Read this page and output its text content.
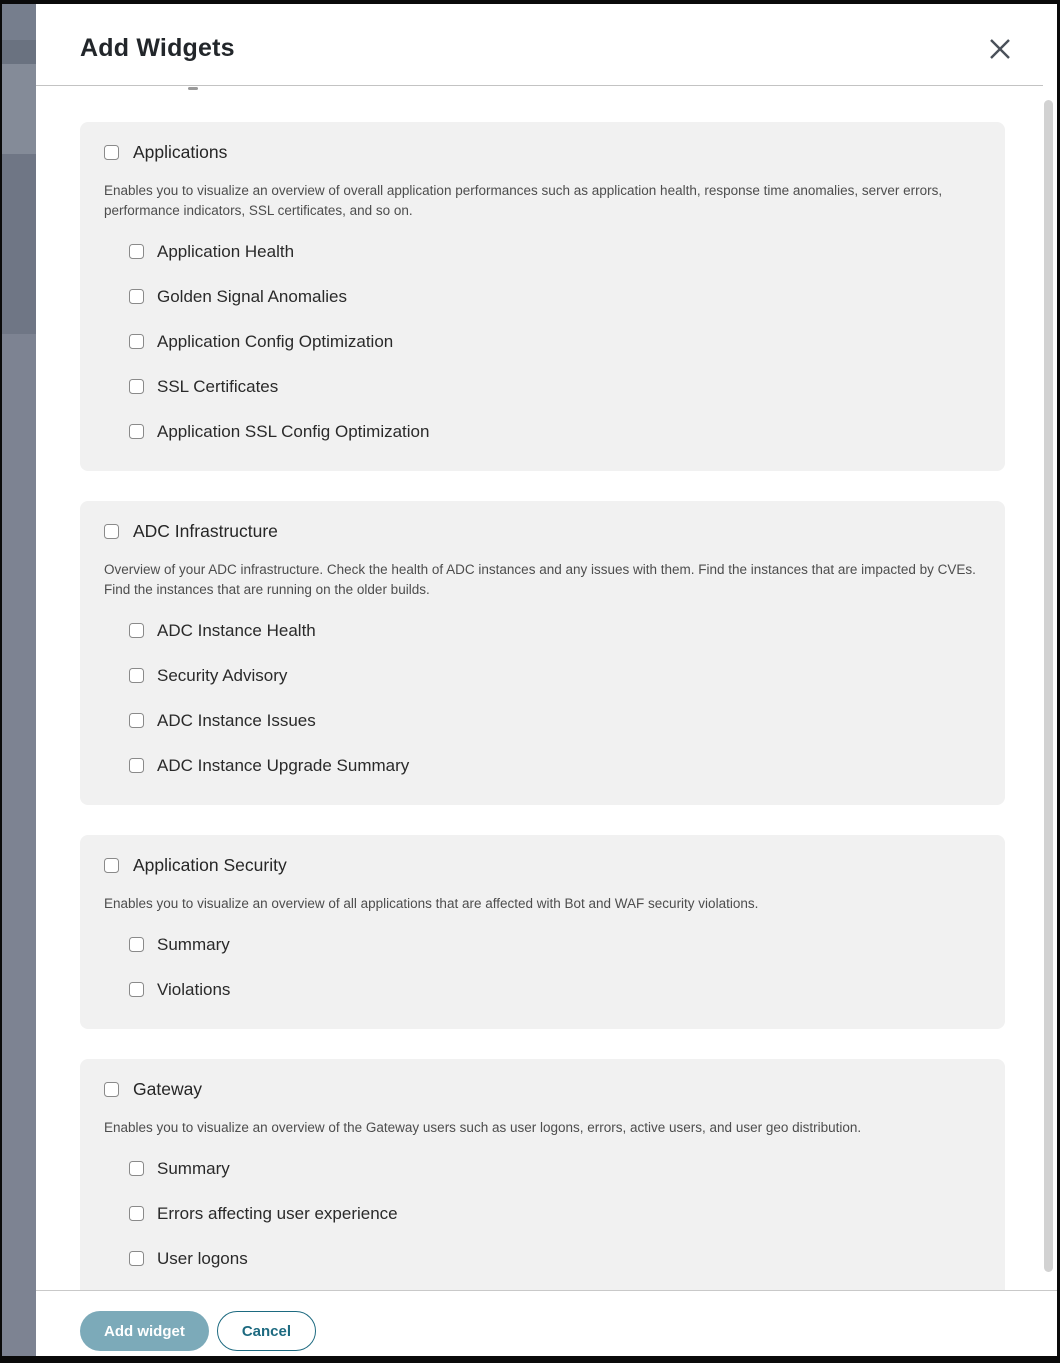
Add Widgets
Applications

Enables you to visualize an overview of overall application performances such as application health, response time anomalies, server errors, performance indicators, SSL certificates, and so on.

Application Health
Golden Signal Anomalies
Application Config Optimization
SSL Certificates
Application SSL Config Optimization
ADC Infrastructure

Overview of your ADC infrastructure. Check the health of ADC instances and any issues with them. Find the instances that are impacted by CVEs. Find the instances that are running on the older builds.

ADC Instance Health
Security Advisory
ADC Instance Issues
ADC Instance Upgrade Summary
Application Security

Enables you to visualize an overview of all applications that are affected with Bot and WAF security violations.

Summary
Violations
Gateway

Enables you to visualize an overview of the Gateway users such as user logons, errors, active users, and user geo distribution.

Summary
Errors affecting user experience
User logons
Add widget	Cancel
